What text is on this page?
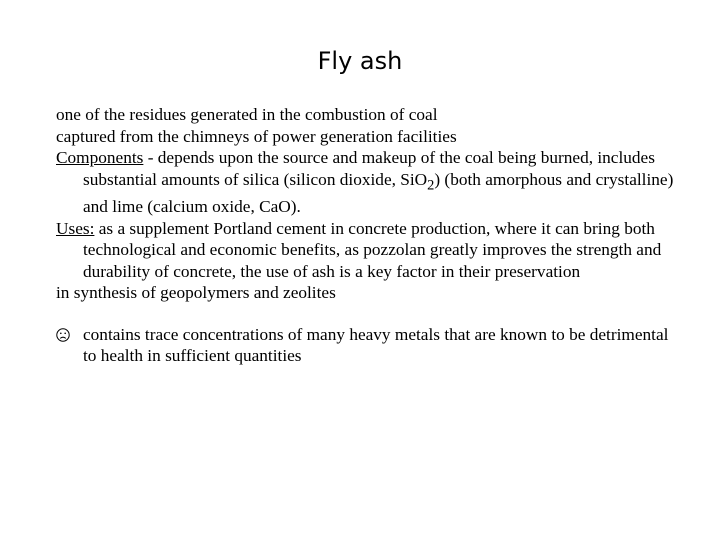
Fly ash

one of the residues generated in the combustion of coal

captured from the chimneys of power generation facilities

Components - depends upon the source and makeup of the coal being burned, includes substantial amounts of silica (silicon dioxide, SiO$_2$) (both amorphous and crystalline) and lime (calcium oxide, CaO).

Uses: as a supplement Portland cement in concrete production, where it can bring both technological and economic benefits, as pozzolan greatly improves the strength and durability of concrete, the use of ash is a key factor in their preservation

in synthesis of geopolymers and zeolites

contains trace concentrations of many heavy metals that are known to be detrimental to health in sufficient quantities
